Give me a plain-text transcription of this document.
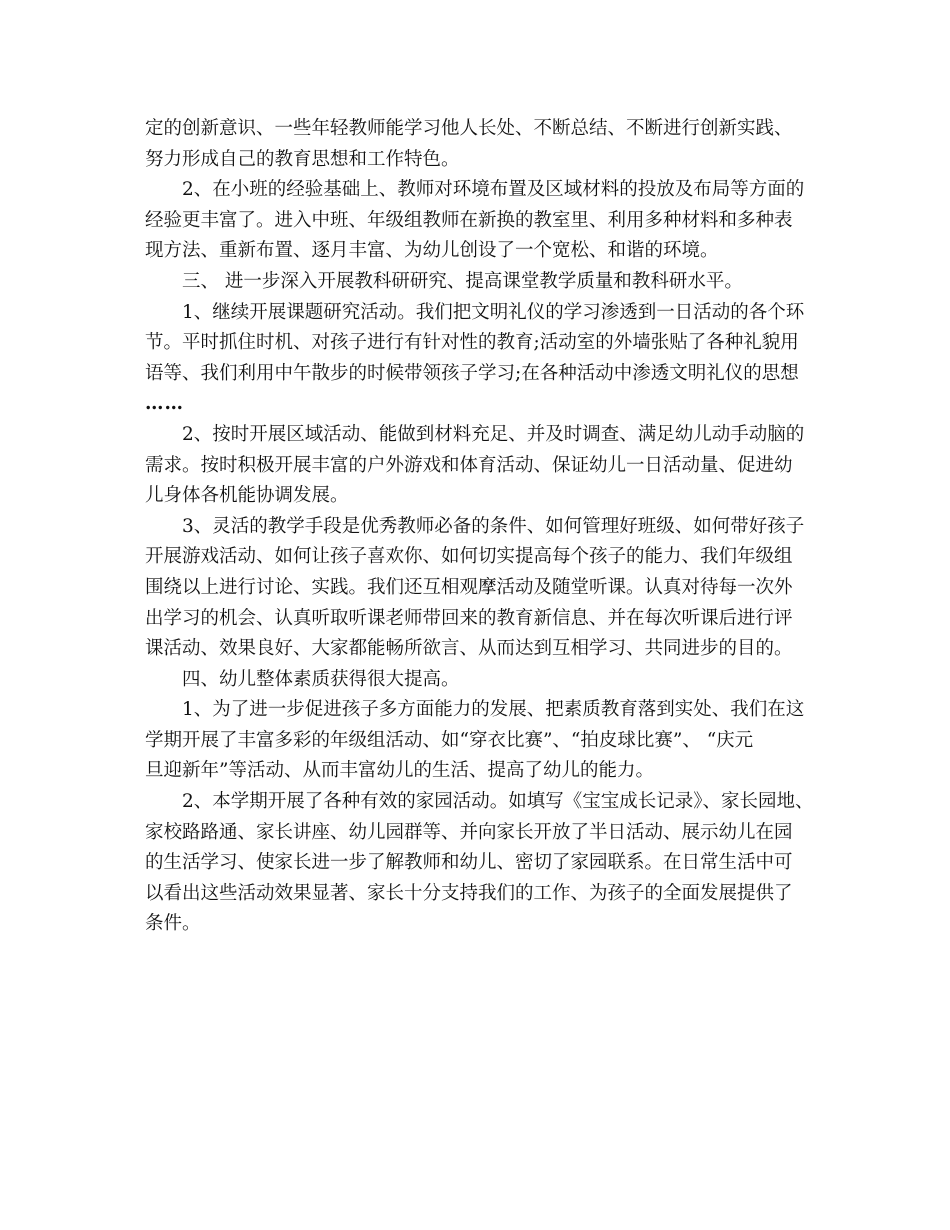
定的创新意识、一些年轻教师能学习他人长处、不断总结、不断进行创新实践、
努力形成自己的教育思想和工作特色。
2、在小班的经验基础上、教师对环境布置及区域材料的投放及布局等方面的
经验更丰富了。进入中班、年级组教师在新换的教室里、利用多种材料和多种表
现方法、重新布置、逐月丰富、为幼儿创设了一个宽松、和谐的环境。
三、 进一步深入开展教科研研究、提高课堂教学质量和教科研水平。
1、继续开展课题研究活动。我们把文明礼仪的学习渗透到一日活动的各个环
节。平时抓住时机、对孩子进行有针对性的教育;活动室的外墙张贴了各种礼貌用
语等、我们利用中午散步的时候带领孩子学习;在各种活动中渗透文明礼仪的思想
……
2、按时开展区域活动、能做到材料充足、并及时调查、满足幼儿动手动脑的
需求。按时积极开展丰富的户外游戏和体育活动、保证幼儿一日活动量、促进幼
儿身体各机能协调发展。
3、灵活的教学手段是优秀教师必备的条件、如何管理好班级、如何带好孩子
开展游戏活动、如何让孩子喜欢你、如何切实提高每个孩子的能力、我们年级组
围绕以上进行讨论、实践。我们还互相观摩活动及随堂听课。认真对待每一次外
出学习的机会、认真听取听课老师带回来的教育新信息、并在每次听课后进行评
课活动、效果良好、大家都能畅所欲言、从而达到互相学习、共同进步的目的。
四、幼儿整体素质获得很大提高。
1、为了进一步促进孩子多方面能力的发展、把素质教育落到实处、我们在这
学期开展了丰富多彩的年级组活动、如“穿衣比赛”、“拍皮球比赛”、 “庆元
旦迎新年”等活动、从而丰富幼儿的生活、提高了幼儿的能力。
2、本学期开展了各种有效的家园活动。如填写《宝宝成长记录》、家长园地、
家校路路通、家长讲座、幼儿园群等、并向家长开放了半日活动、展示幼儿在园
的生活学习、使家长进一步了解教师和幼儿、密切了家园联系。在日常生活中可
以看出这些活动效果显著、家长十分支持我们的工作、为孩子的全面发展提供了
条件。
